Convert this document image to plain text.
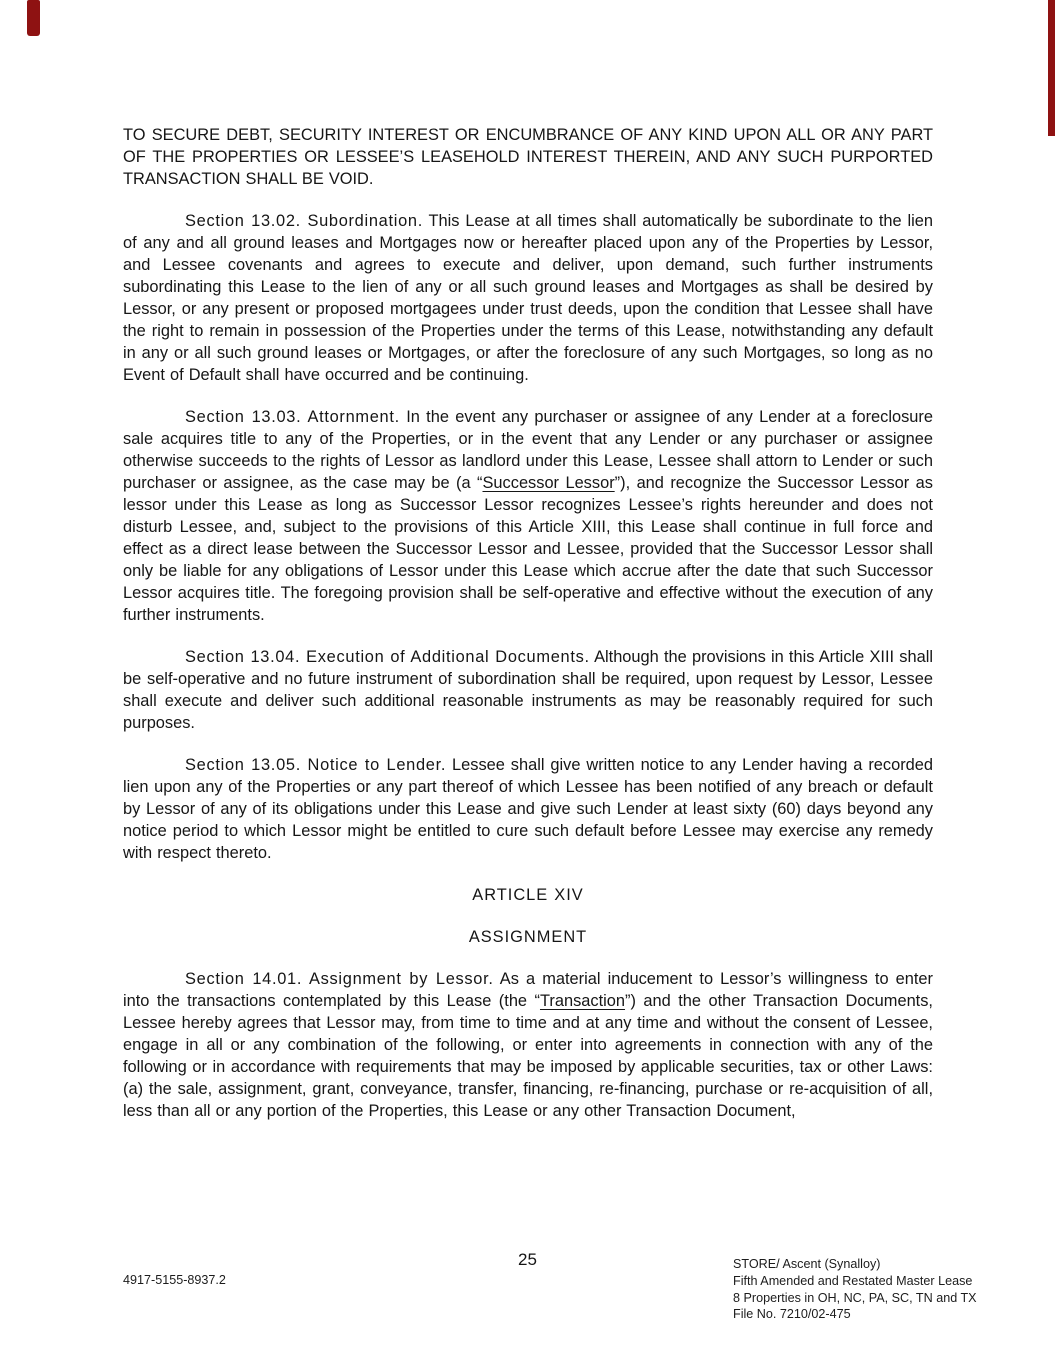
TO SECURE DEBT, SECURITY INTEREST OR ENCUMBRANCE OF ANY KIND UPON ALL OR ANY PART OF THE PROPERTIES OR LESSEE’S LEASEHOLD INTEREST THEREIN, AND ANY SUCH PURPORTED TRANSACTION SHALL BE VOID.

Section 13.02. Subordination. This Lease at all times shall automatically be subordinate to the lien of any and all ground leases and Mortgages now or hereafter placed upon any of the Properties by Lessor, and Lessee covenants and agrees to execute and deliver, upon demand, such further instruments subordinating this Lease to the lien of any or all such ground leases and Mortgages as shall be desired by Lessor, or any present or proposed mortgagees under trust deeds, upon the condition that Lessee shall have the right to remain in possession of the Properties under the terms of this Lease, notwithstanding any default in any or all such ground leases or Mortgages, or after the foreclosure of any such Mortgages, so long as no Event of Default shall have occurred and be continuing.

Section 13.03. Attornment. In the event any purchaser or assignee of any Lender at a foreclosure sale acquires title to any of the Properties, or in the event that any Lender or any purchaser or assignee otherwise succeeds to the rights of Lessor as landlord under this Lease, Lessee shall attorn to Lender or such purchaser or assignee, as the case may be (a “Successor Lessor”), and recognize the Successor Lessor as lessor under this Lease as long as Successor Lessor recognizes Lessee’s rights hereunder and does not disturb Lessee, and, subject to the provisions of this Article XIII, this Lease shall continue in full force and effect as a direct lease between the Successor Lessor and Lessee, provided that the Successor Lessor shall only be liable for any obligations of Lessor under this Lease which accrue after the date that such Successor Lessor acquires title. The foregoing provision shall be self-operative and effective without the execution of any further instruments.

Section 13.04. Execution of Additional Documents. Although the provisions in this Article XIII shall be self-operative and no future instrument of subordination shall be required, upon request by Lessor, Lessee shall execute and deliver such additional reasonable instruments as may be reasonably required for such purposes.

Section 13.05. Notice to Lender. Lessee shall give written notice to any Lender having a recorded lien upon any of the Properties or any part thereof of which Lessee has been notified of any breach or default by Lessor of any of its obligations under this Lease and give such Lender at least sixty (60) days beyond any notice period to which Lessor might be entitled to cure such default before Lessee may exercise any remedy with respect thereto.

ARTICLE XIV

ASSIGNMENT

Section 14.01. Assignment by Lessor. As a material inducement to Lessor’s willingness to enter into the transactions contemplated by this Lease (the “Transaction”) and the other Transaction Documents, Lessee hereby agrees that Lessor may, from time to time and at any time and without the consent of Lessee, engage in all or any combination of the following, or enter into agreements in connection with any of the following or in accordance with requirements that may be imposed by applicable securities, tax or other Laws: (a) the sale, assignment, grant, conveyance, transfer, financing, re-financing, purchase or re-acquisition of all, less than all or any portion of the Properties, this Lease or any other Transaction Document,

25
4917-5155-8937.2
STORE/ Ascent (Synalloy)
Fifth Amended and Restated Master Lease
8 Properties in OH, NC, PA, SC, TN and TX
File No. 7210/02-475
